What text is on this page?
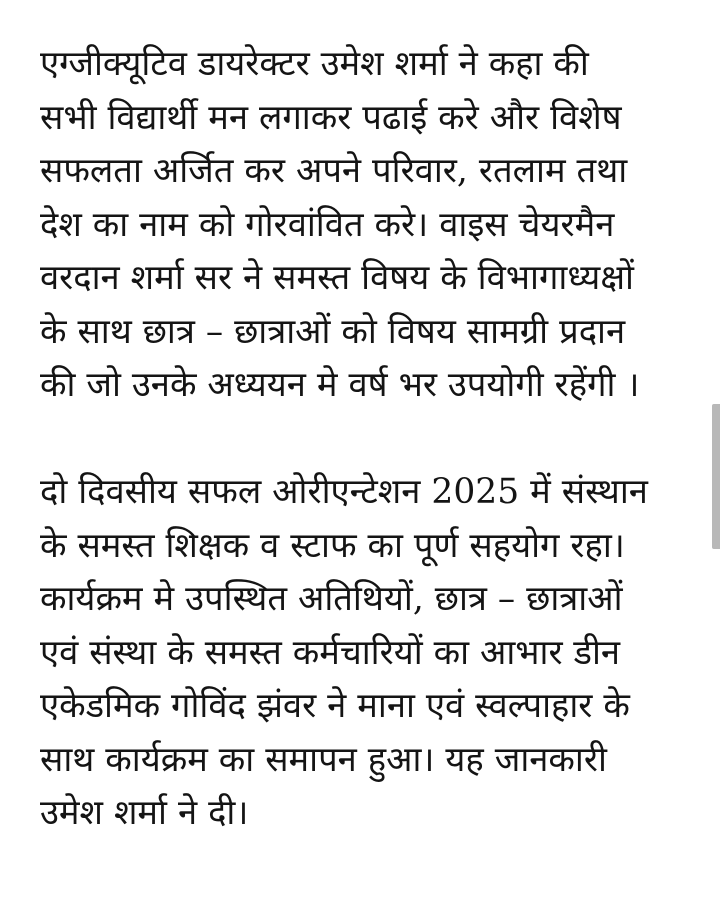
एग्जीक्यूटिव डायरेक्टर उमेश शर्मा ने कहा की
सभी विद्यार्थी मन लगाकर पढाई करे और विशेष
सफलता अर्जित कर अपने परिवार, रतलाम तथा
देश का नाम को गोरवांवित करे। वाइस चेयरमैन
वरदान शर्मा सर ने समस्त विषय के विभागाध्यक्षों
के साथ छात्र – छात्राओं को विषय सामग्री प्रदान
की जो उनके अध्ययन मे वर्ष भर उपयोगी रहेंगी ।

दो दिवसीय सफल ओरीएन्टेशन 2025 में संस्थान
के समस्त शिक्षक व स्टाफ का पूर्ण सहयोग रहा।
कार्यक्रम मे उपस्थित अतिथियों, छात्र – छात्राओं
एवं संस्था के समस्त कर्मचारियों का आभार डीन
एकेडमिक गोविंद झंवर ने माना एवं स्वल्पाहार के
साथ कार्यक्रम का समापन हुआ। यह जानकारी
उमेश शर्मा ने दी।
